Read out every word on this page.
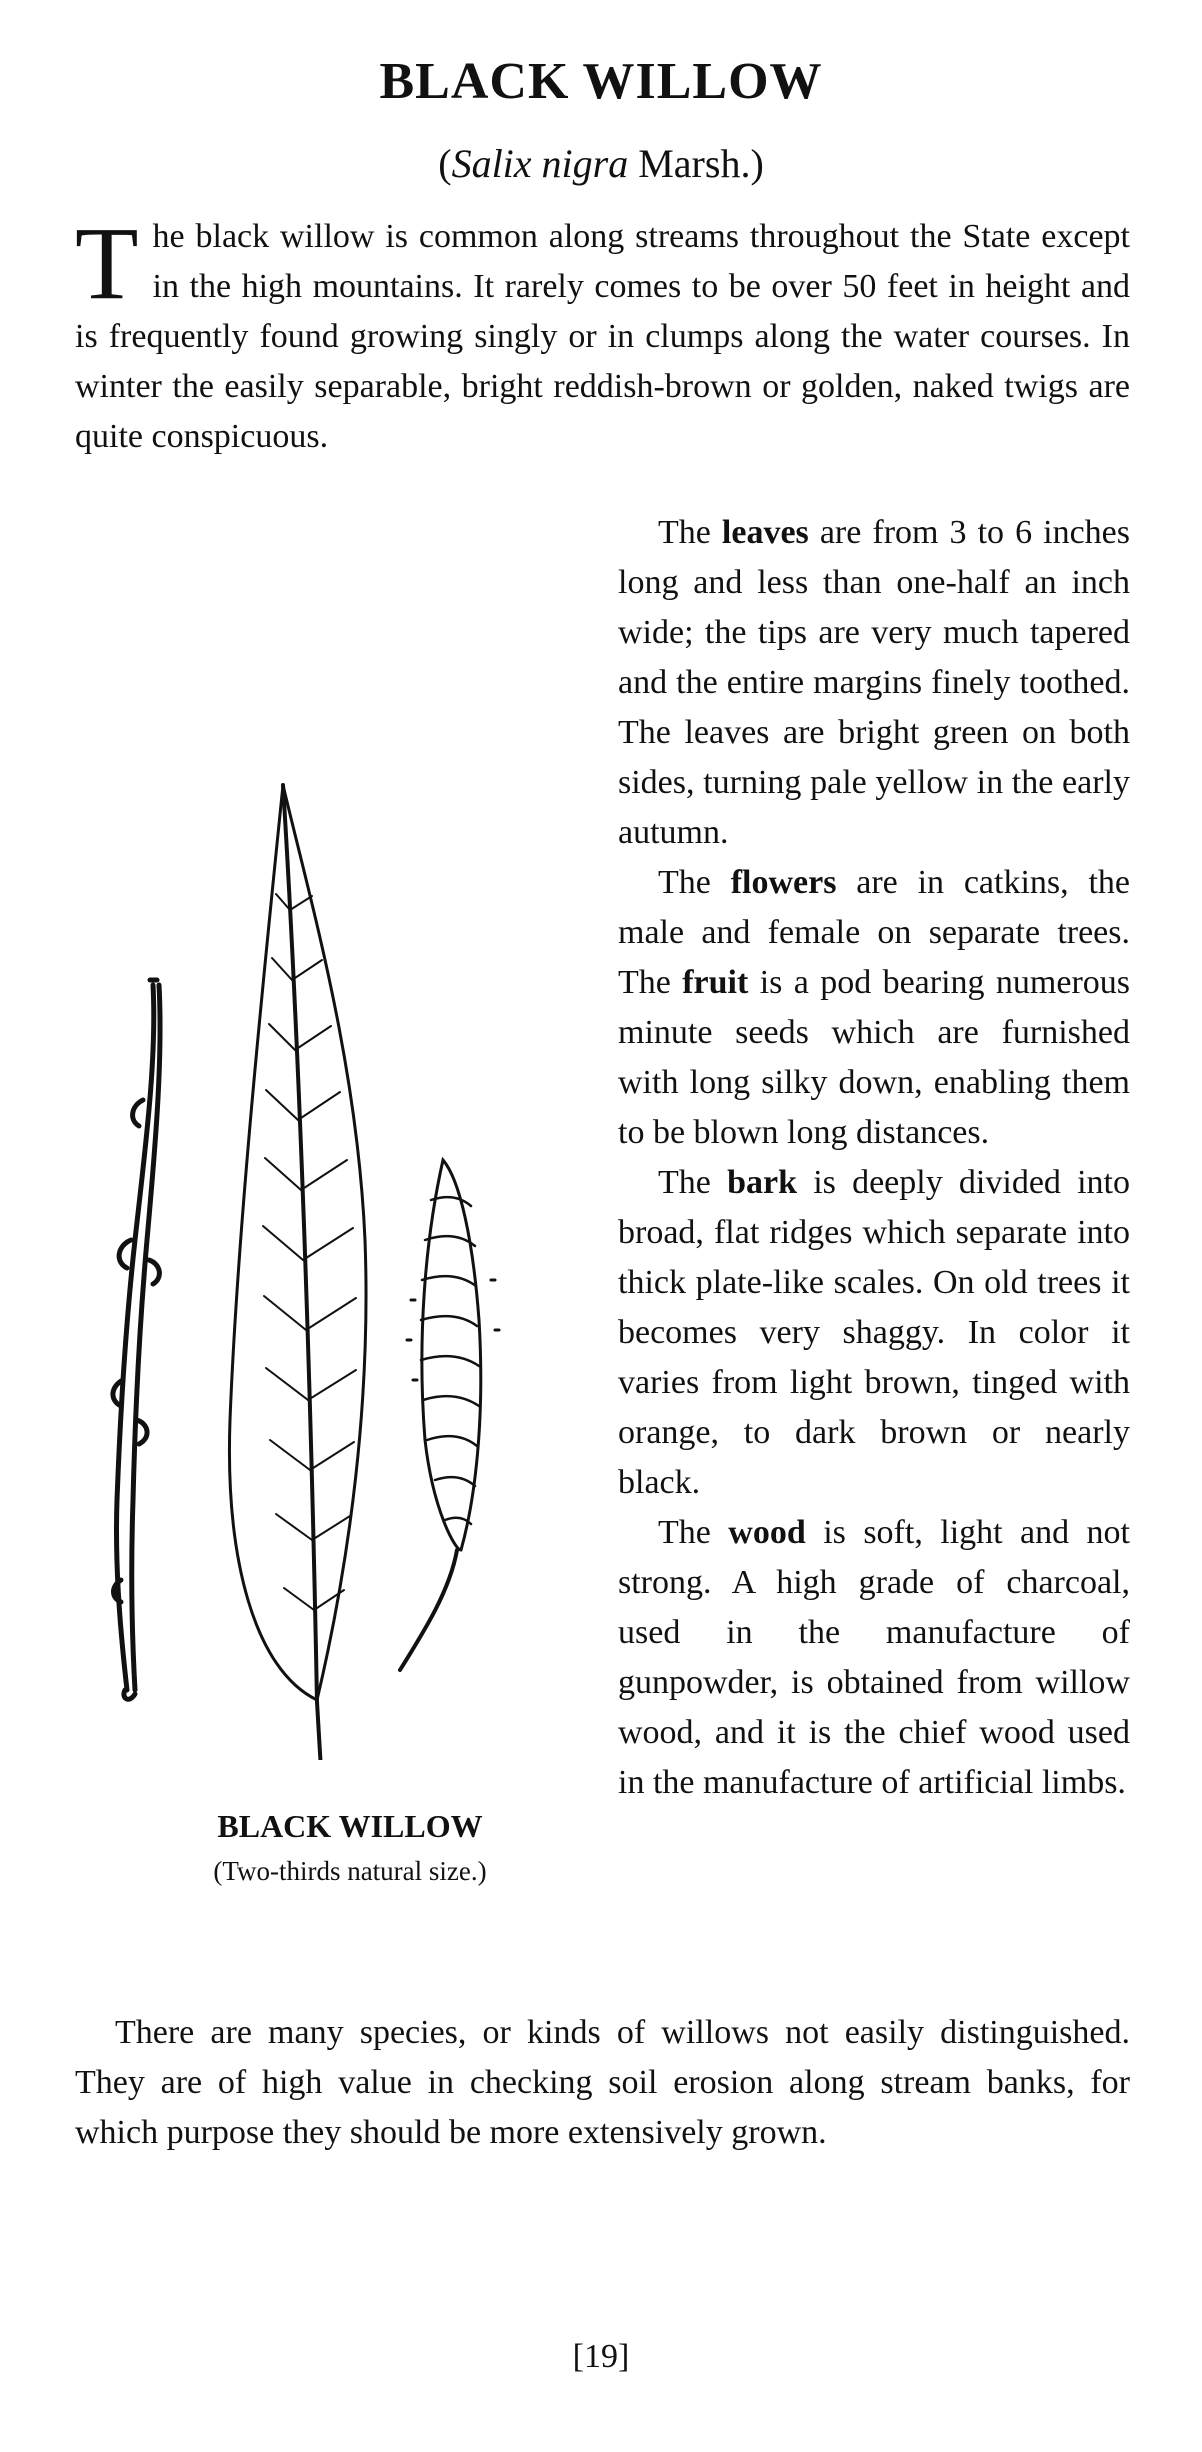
BLACK WILLOW
(Salix nigra Marsh.)
The black willow is common along streams throughout the State except in the high mountains. It rarely comes to be over 50 feet in height and is frequently found growing singly or in clumps along the water courses. In winter the easily separable, bright reddish-brown or golden, naked twigs are quite conspicuous.

The leaves are from 3 to 6 inches long and less than one-half an inch wide; the tips are very much tapered and the entire margins finely toothed. The leaves are bright green on both sides, turning pale yellow in the early autumn.

The flowers are in catkins, the male and female on separate trees. The fruit is a pod bearing numerous minute seeds which are furnished with long silky down, enabling them to be blown long distances.

The bark is deeply divided into broad, flat ridges which separate into thick plate-like scales. On old trees it becomes very shaggy. In color it varies from light brown, tinged with orange, to dark brown or nearly black.

The wood is soft, light and not strong. A high grade of charcoal, used in the manufacture of gunpowder, is obtained from willow wood, and it is the chief wood used in the manufacture of artificial limbs.

BLACK WILLOW
(Two-thirds natural size.)

There are many species, or kinds of willows not easily distinguished. They are of high value in checking soil erosion along stream banks, for which purpose they should be more extensively grown.

[19]
